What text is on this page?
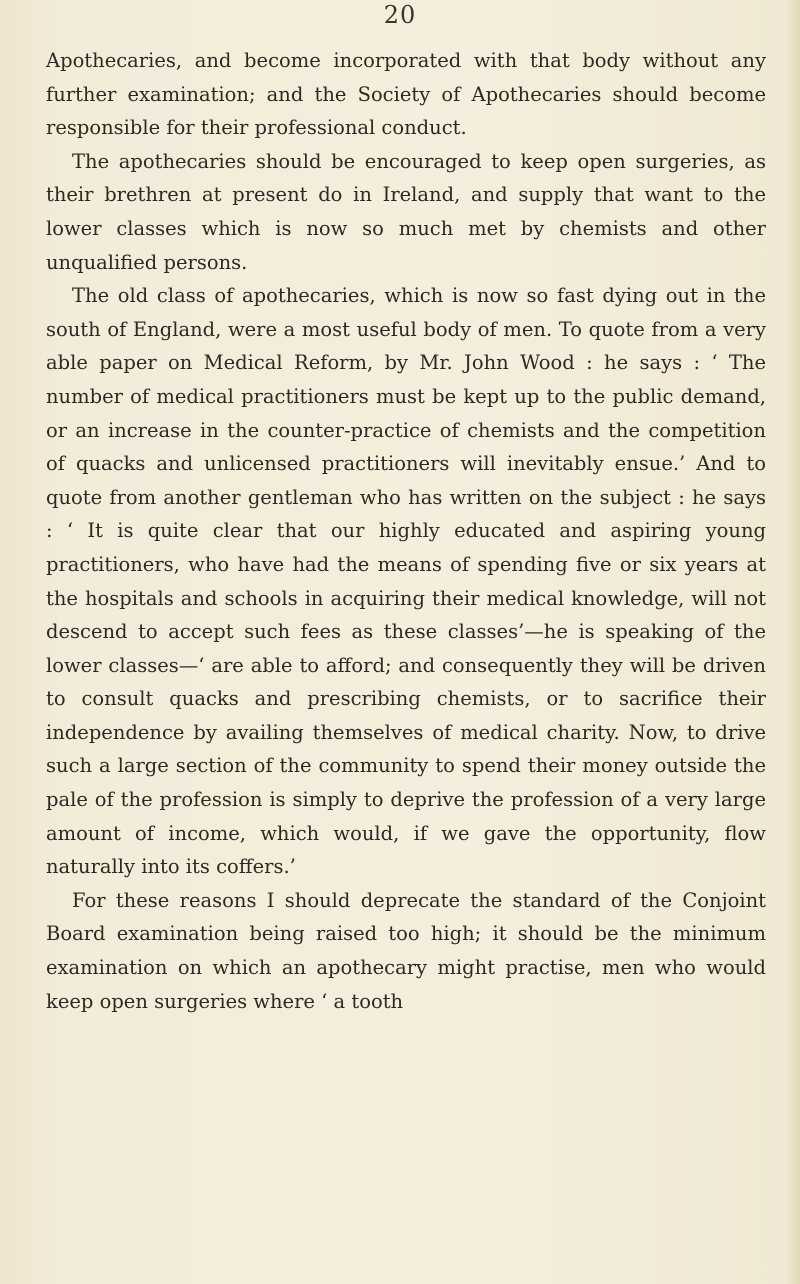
20

Apothecaries, and become incorporated with that body without any further examination; and the Society of Apothecaries should become responsible for their professional conduct.

The apothecaries should be encouraged to keep open surgeries, as their brethren at present do in Ireland, and supply that want to the lower classes which is now so much met by chemists and other unqualified persons.

The old class of apothecaries, which is now so fast dying out in the south of England, were a most useful body of men. To quote from a very able paper on Medical Reform, by Mr. John Wood : he says : ‘ The number of medical practitioners must be kept up to the public demand, or an increase in the counter-practice of chemists and the competition of quacks and unlicensed practitioners will inevitably ensue.’ And to quote from another gentleman who has written on the subject : he says : ‘ It is quite clear that our highly educated and aspiring young practitioners, who have had the means of spending five or six years at the hospitals and schools in acquiring their medical knowledge, will not descend to accept such fees as these classes’—he is speaking of the lower classes—‘ are able to afford; and consequently they will be driven to consult quacks and prescribing chemists, or to sacrifice their independence by availing themselves of medical charity. Now, to drive such a large section of the community to spend their money outside the pale of the profession is simply to deprive the profession of a very large amount of income, which would, if we gave the opportunity, flow naturally into its coffers.’

For these reasons I should deprecate the standard of the Conjoint Board examination being raised too high; it should be the minimum examination on which an apothecary might practise, men who would keep open surgeries where ‘ a tooth
